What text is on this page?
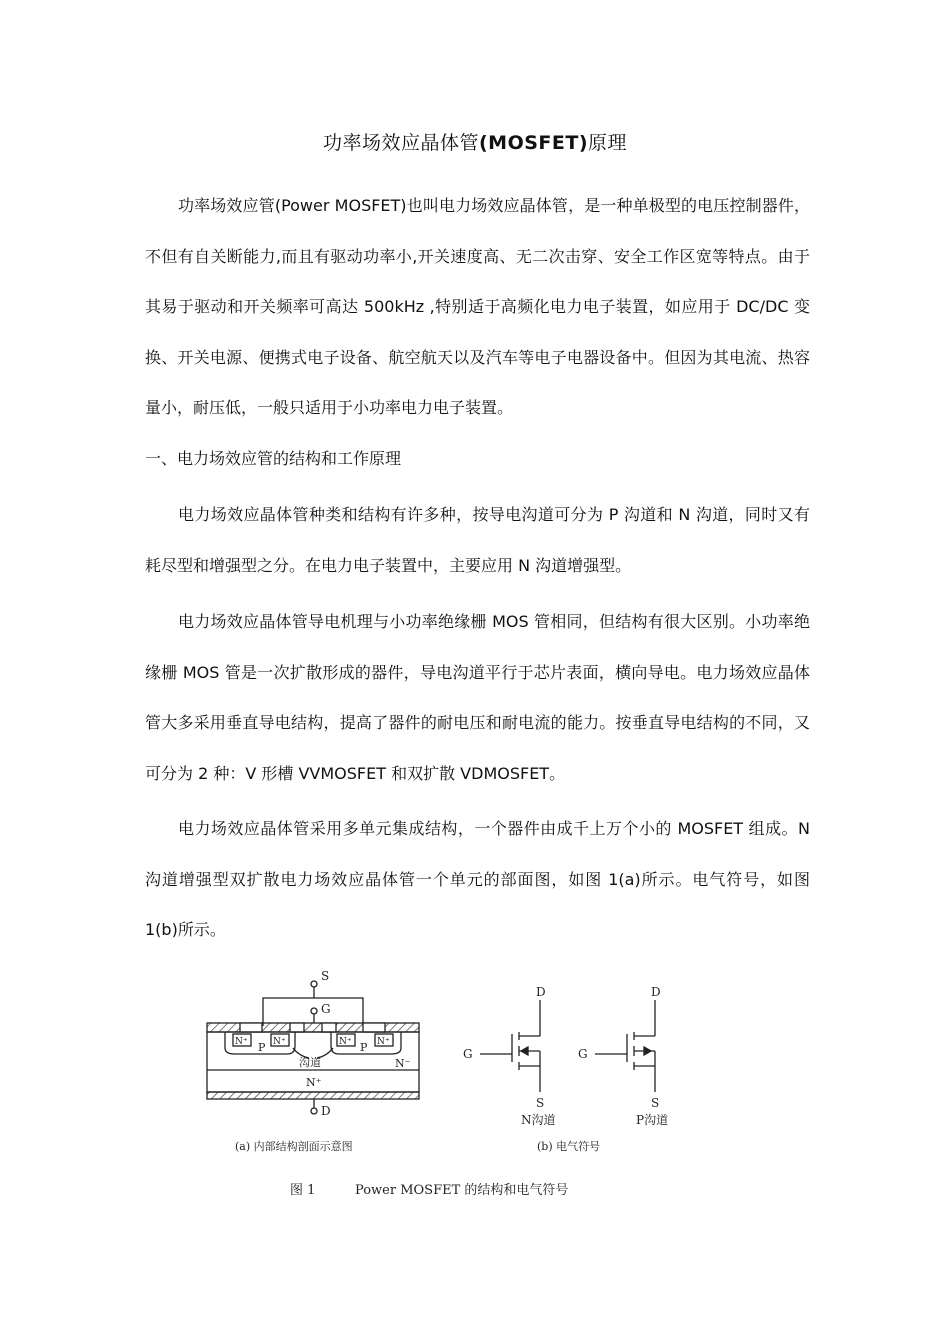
功率场效应晶体管(MOSFET)原理

功率场效应管(Power MOSFET)也叫电力场效应晶体管，是一种单极型的电压控制器件，不但有自关断能力,而且有驱动功率小,开关速度高、无二次击穿、安全工作区宽等特点。由于其易于驱动和开关频率可高达 500kHz ,特别适于高频化电力电子装置，如应用于 DC/DC 变换、开关电源、便携式电子设备、航空航天以及汽车等电子电器设备中。但因为其电流、热容量小，耐压低，一般只适用于小功率电力电子装置。

一、电力场效应管的结构和工作原理

电力场效应晶体管种类和结构有许多种，按导电沟道可分为 P 沟道和 N 沟道，同时又有耗尽型和增强型之分。在电力电子装置中，主要应用 N 沟道增强型。

电力场效应晶体管导电机理与小功率绝缘栅 MOS 管相同，但结构有很大区别。小功率绝缘栅 MOS 管是一次扩散形成的器件，导电沟道平行于芯片表面，横向导电。电力场效应晶体管大多采用垂直导电结构，提高了器件的耐电压和耐电流的能力。按垂直导电结构的不同，又可分为 2 种：V 形槽 VVMOSFET 和双扩散 VDMOSFET。

电力场效应晶体管采用多单元集成结构，一个器件由成千上万个小的 MOSFET 组成。N 沟道增强型双扩散电力场效应晶体管一个单元的部面图，如图 1(a)所示。电气符号，如图 1(b)所示。

S
G
D
N⁺	N⁺	N⁺	N⁺
P	P
沟道	N⁻
N⁺
D
G
S
N沟道
D
G
S
P沟道
(a) 内部结构剖面示意图	(b) 电气符号
图 1	Power MOSFET 的结构和电气符号
